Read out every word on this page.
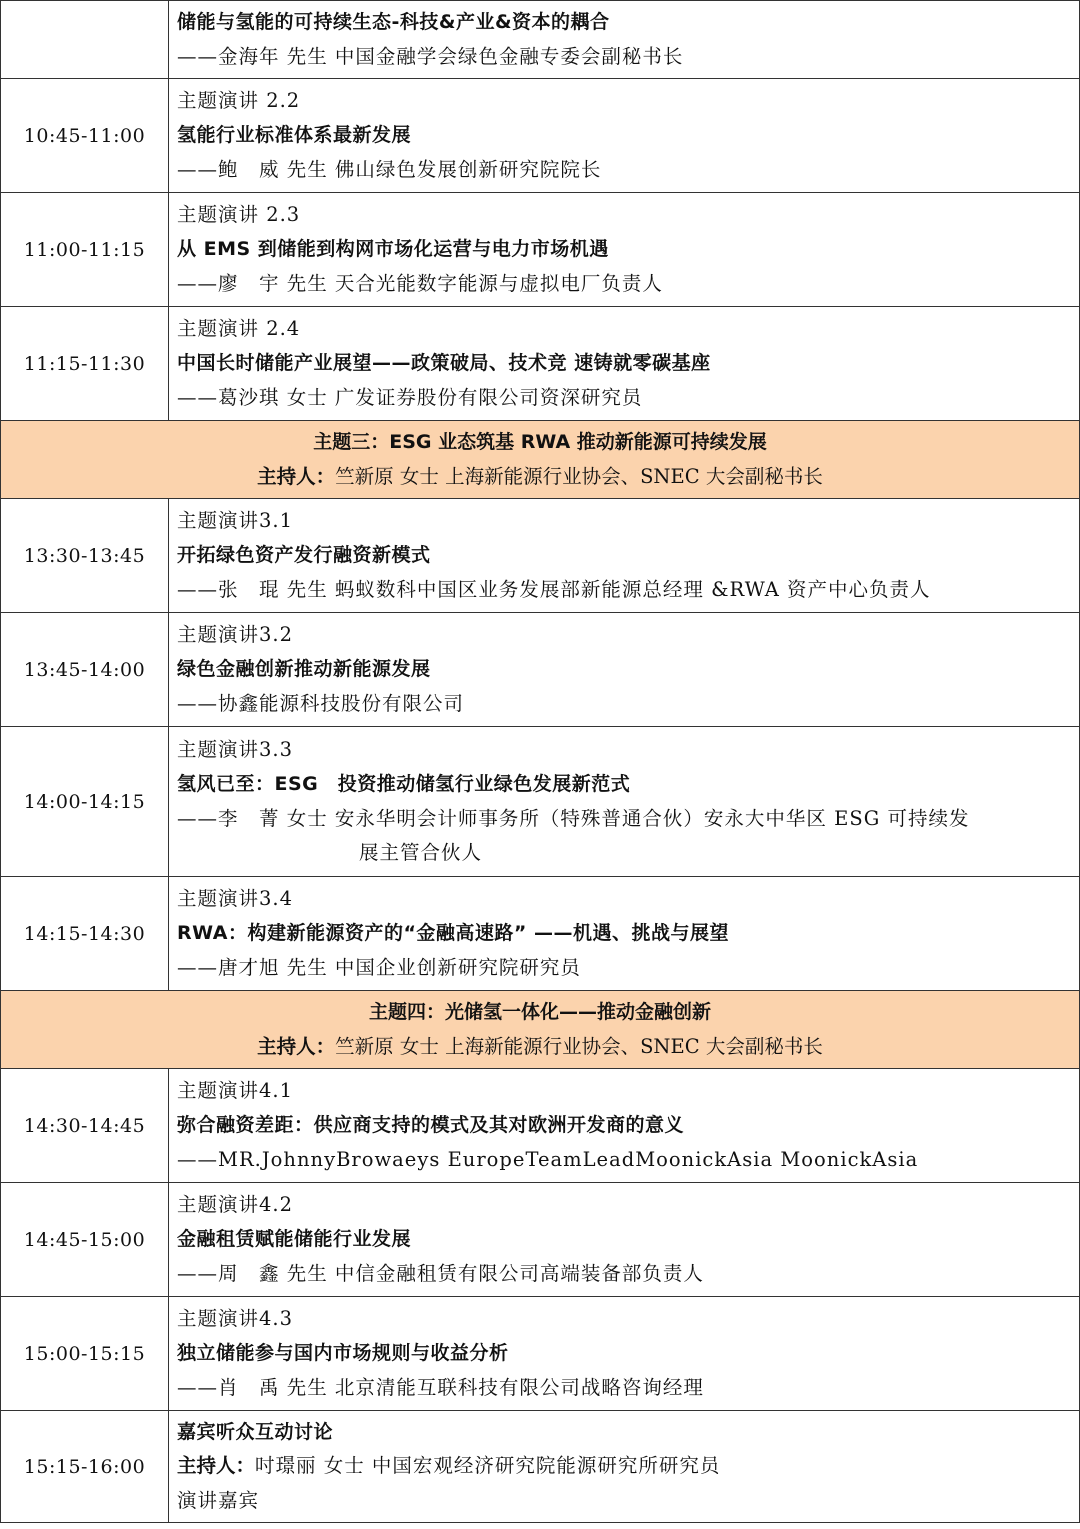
	储能与氢能的可持续生态-科技&产业&资本的耦合
——金海年 先生 中国金融学会绿色金融专委会副秘书长

10:45-11:00	主题演讲 2.2
氢能行业标准体系最新发展
——鲍　威 先生 佛山绿色发展创新研究院院长

11:00-11:15	主题演讲 2.3
从 EMS 到储能到构网市场化运营与电力市场机遇
——廖　宇 先生 天合光能数字能源与虚拟电厂负责人

11:15-11:30	主题演讲 2.4
中国长时储能产业展望——政策破局、技术竞 速铸就零碳基座
——葛沙琪 女士 广发证券股份有限公司资深研究员

主题三：ESG 业态筑基 RWA 推动新能源可持续发展
主持人：竺新原 女士 上海新能源行业协会、SNEC 大会副秘书长	

13:30-13:45	主题演讲3.1
开拓绿色资产发行融资新模式
——张　琨 先生 蚂蚁数科中国区业务发展部新能源总经理 &RWA 资产中心负责人

13:45-14:00	主题演讲3.2
绿色金融创新推动新能源发展
——协鑫能源科技股份有限公司

14:00-14:15	主题演讲3.3
氢风已至：ESG　投资推动储氢行业绿色发展新范式
——李　菁 女士 安永华明会计师事务所（特殊普通合伙）安永大中华区 ESG 可持续发
展主管合伙人

14:15-14:30	主题演讲3.4
RWA：构建新能源资产的“金融高速路” ——机遇、挑战与展望
——唐才旭 先生 中国企业创新研究院研究员

主题四：光储氢一体化——推动金融创新
主持人：竺新原 女士 上海新能源行业协会、SNEC 大会副秘书长	

14:30-14:45	主题演讲4.1
弥合融资差距：供应商支持的模式及其对欧洲开发商的意义
——MR.JohnnyBrowaeys EuropeTeamLeadMoonickAsia MoonickAsia

14:45-15:00	主题演讲4.2
金融租赁赋能储能行业发展
——周　鑫 先生 中信金融租赁有限公司高端装备部负责人

15:00-15:15	主题演讲4.3
独立储能参与国内市场规则与收益分析
——肖　禹 先生 北京清能互联科技有限公司战略咨询经理

15:15-16:00	嘉宾听众互动讨论
主持人：吋璟丽 女士 中国宏观经济研究院能源研究所研究员
演讲嘉宾
